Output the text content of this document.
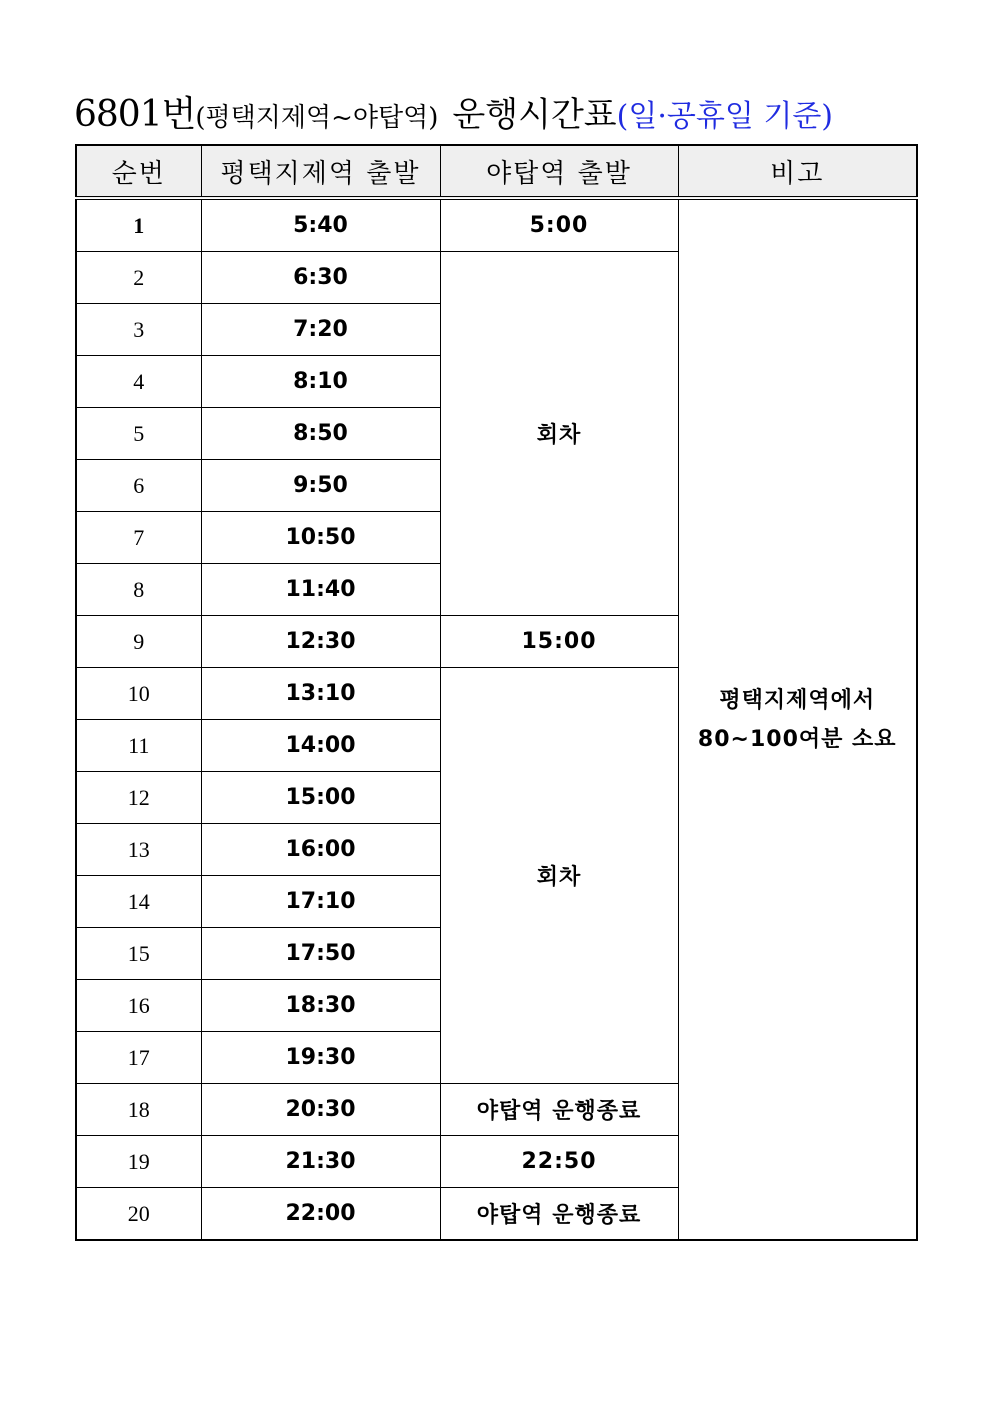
6801번(평택지제역~야탑역) 운행시간표(일·공휴일 기준)
순번	평택지제역 출발	야탑역 출발	비고
1	5:40	5:00	평택지제역에서
80~100여분 소요

2	6:30	회차	
3	7:20		
4	8:10		
5	8:50		
6	9:50		
7	10:50		
8	11:40		
9	12:30	15:00	
10	13:10	회차	
11	14:00		
12	15:00		
13	16:00		
14	17:10		
15	17:50		
16	18:30		
17	19:30		
18	20:30	야탑역 운행종료	
19	21:30	22:50	
20	22:00	야탑역 운행종료	
